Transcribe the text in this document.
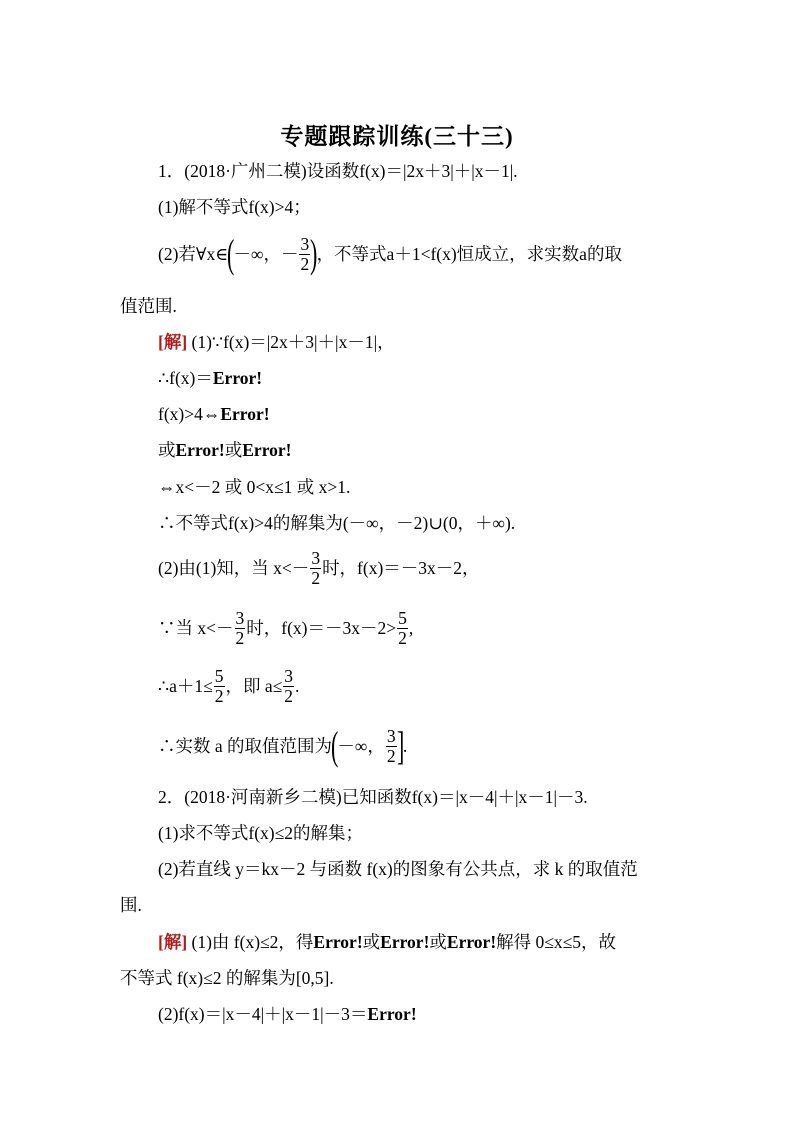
专题跟踪训练(三十三)
1．(2018·广州二模)设函数f(x)＝|2x＋3|＋|x－1|.
(1)解不等式f(x)>4；
(2)若∀x∈
(
－∞，－ $\frac{3}{2}$ )
，不等式a＋1<f(x)恒成立，求实数a的取
值范围.
[解] (1)∵f(x)＝|2x＋3|＋|x－1|，
∴f(x)＝Error!
f(x)>4⇔Error!
或Error!或Error!
⇔x<－2 或 0<x≤1 或 x>1.
∴不等式f(x)>4的解集为(－∞，－2)∪(0，＋∞).
(2)由(1)知，当 $x<- \frac{3}{2}$ 时，f(x)＝－3x－2，
∵当 $x<- \frac{3}{2}$ 时，$f(x)=-3x-2> \frac{5}{2}$ ,
∴a＋1≤ $\frac{5}{2}$ ，即 $a\le \frac{3}{2}$ .
∴实数 a 的取值范围为
(
－∞， $\frac{3}{2}$ ]
.
2．(2018·河南新乡二模)已知函数f(x)＝|x－4|＋|x－1|－3.
(1)求不等式f(x)≤2的解集；
(2)若直线 y＝kx－2 与函数 f(x)的图象有公共点，求 k 的取值范
围.
[解] (1)由 f(x)≤2，得Error!或Error!或Error!解得 0≤x≤5，故
不等式 f(x)≤2 的解集为[0,5].
(2)f(x)＝|x－4|＋|x－1|－3＝Error!
